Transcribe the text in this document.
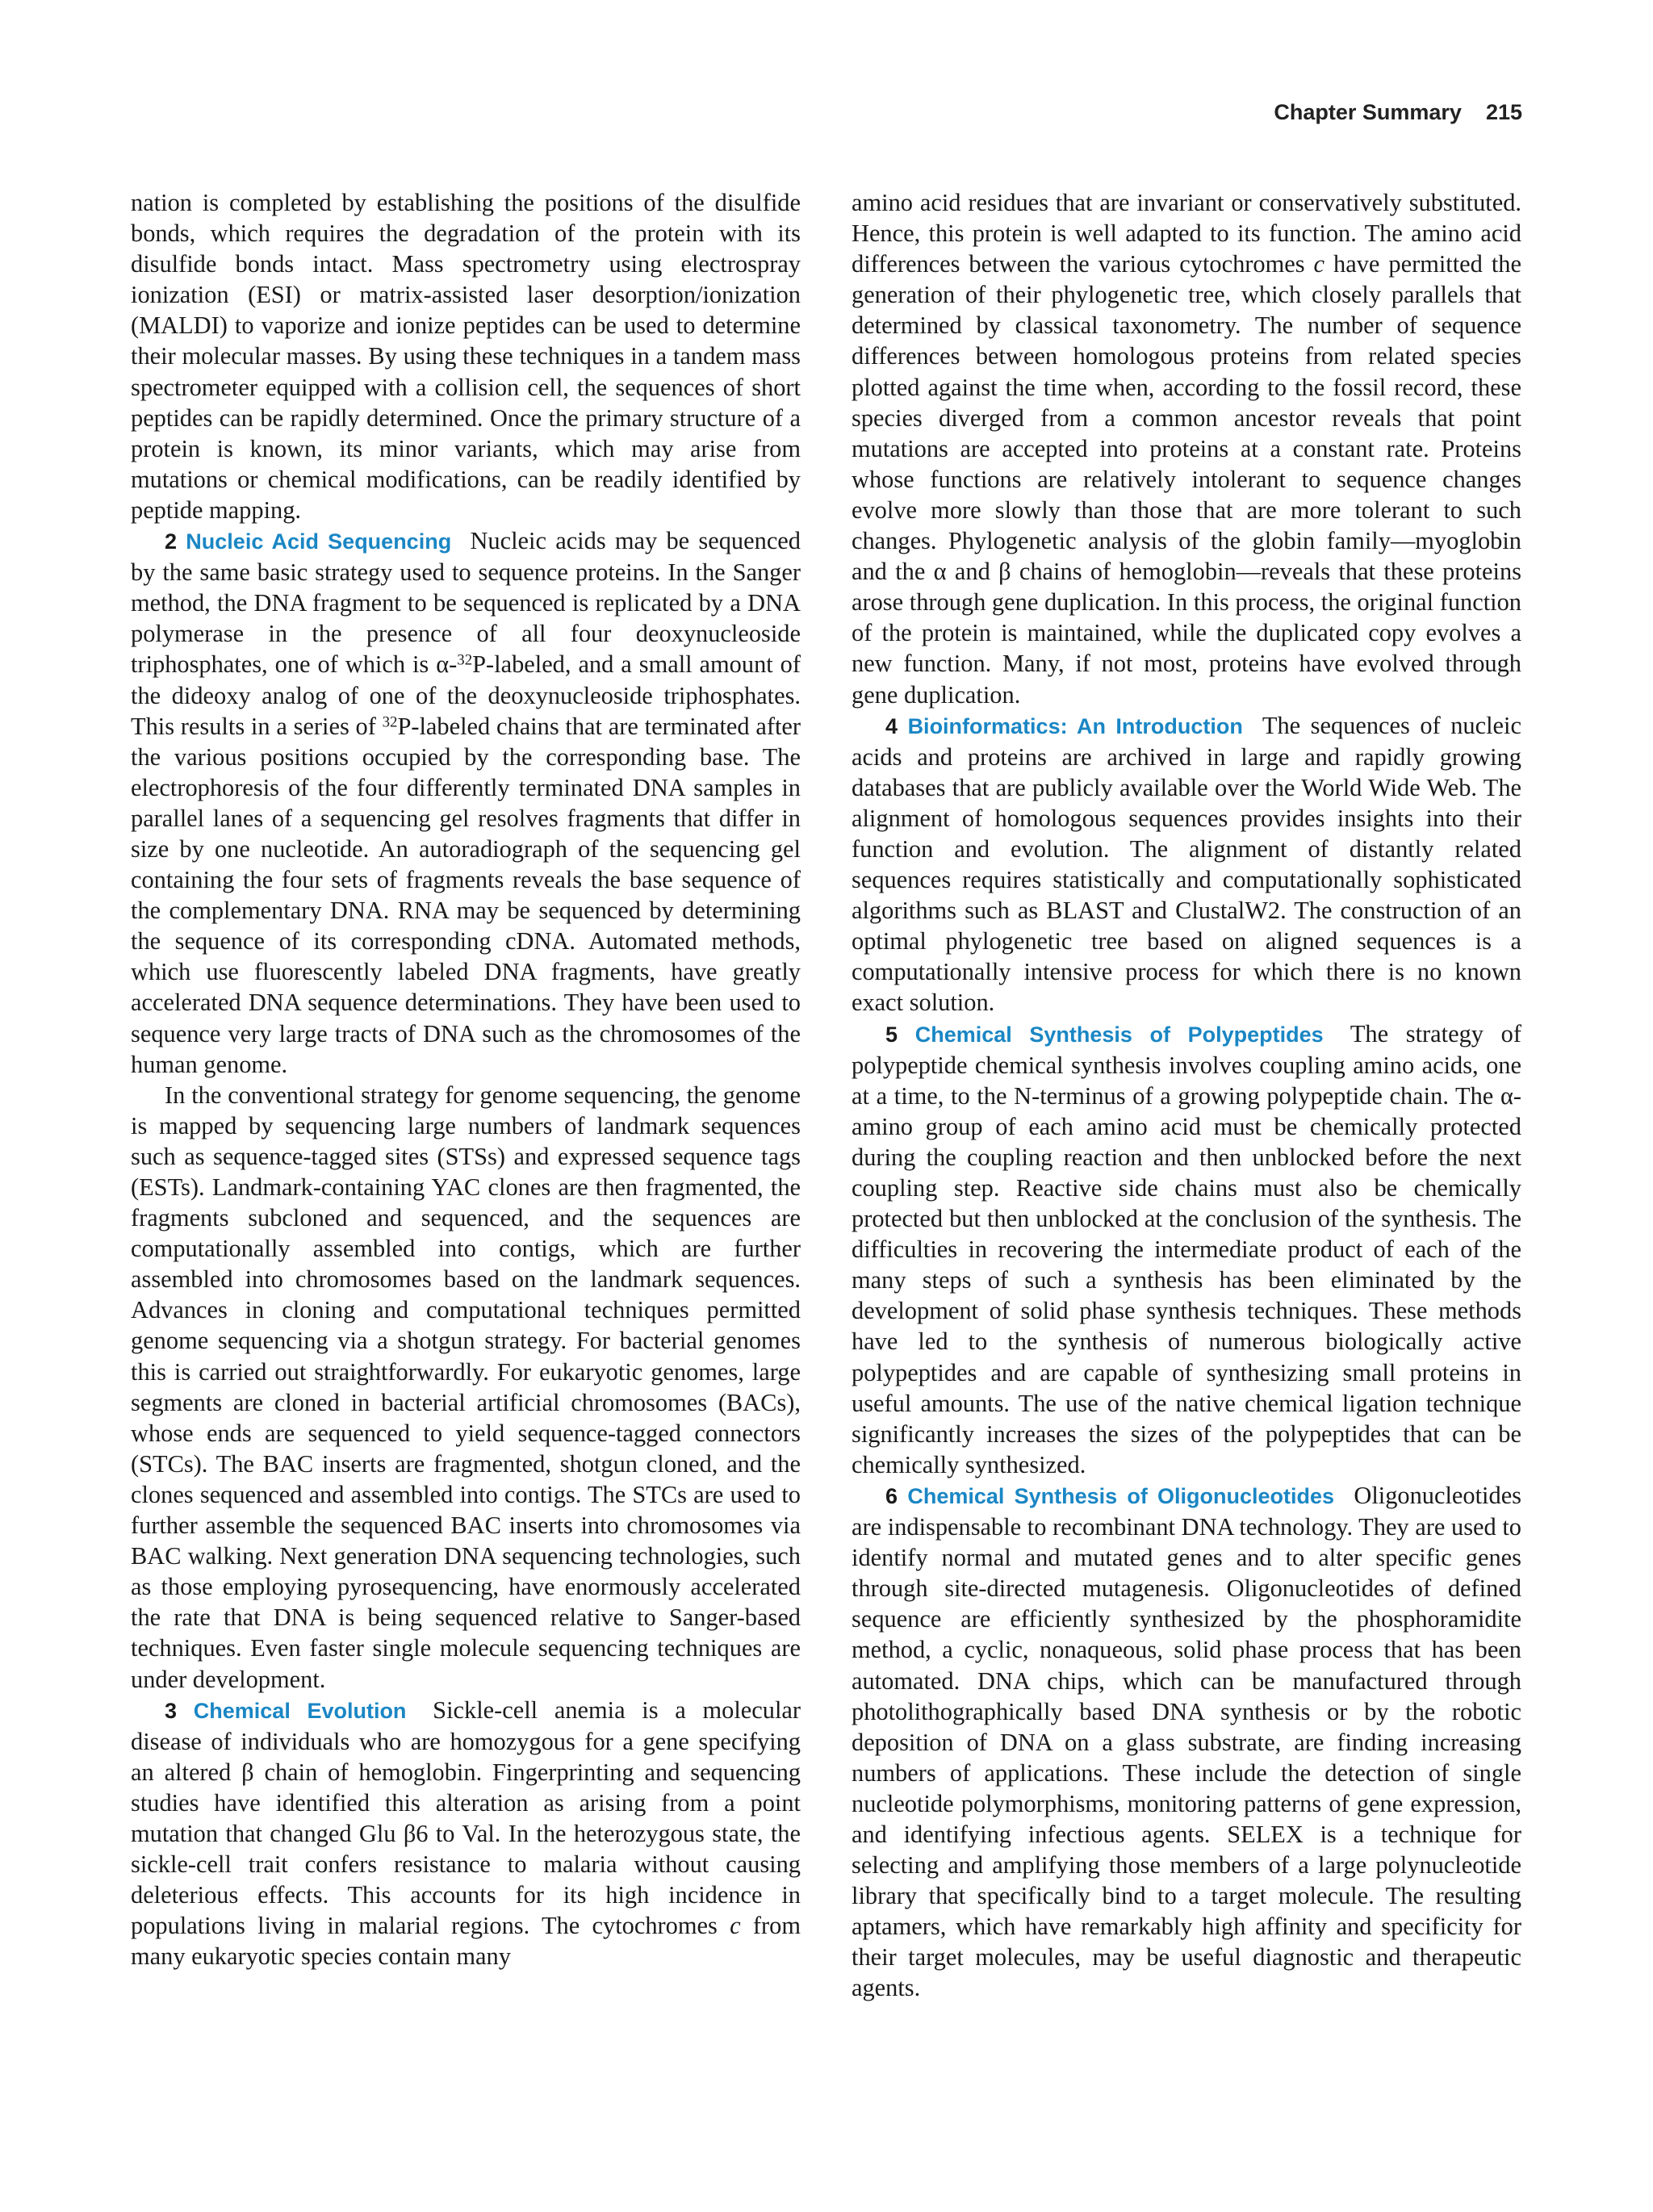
Chapter Summary 215

nation is completed by establishing the positions of the disulfide bonds, which requires the degradation of the protein with its disulfide bonds intact. Mass spectrometry using electrospray ionization (ESI) or matrix-assisted laser desorption/ionization (MALDI) to vaporize and ionize peptides can be used to determine their molecular masses. By using these techniques in a tandem mass spectrometer equipped with a collision cell, the sequences of short peptides can be rapidly determined. Once the primary structure of a protein is known, its minor variants, which may arise from mutations or chemical modifications, can be readily identified by peptide mapping.

2 Nucleic Acid Sequencing Nucleic acids may be sequenced by the same basic strategy used to sequence proteins. In the Sanger method, the DNA fragment to be sequenced is replicated by a DNA polymerase in the presence of all four deoxynucleoside triphosphates, one of which is α-$^{32}$P-labeled, and a small amount of the dideoxy analog of one of the deoxynucleoside triphosphates. This results in a series of $^{32}$P-labeled chains that are terminated after the various positions occupied by the corresponding base. The electrophoresis of the four differently terminated DNA samples in parallel lanes of a sequencing gel resolves fragments that differ in size by one nucleotide. An autoradiograph of the sequencing gel containing the four sets of fragments reveals the base sequence of the complementary DNA. RNA may be sequenced by determining the sequence of its corresponding cDNA. Automated methods, which use fluorescently labeled DNA fragments, have greatly accelerated DNA sequence determinations. They have been used to sequence very large tracts of DNA such as the chromosomes of the human genome.

In the conventional strategy for genome sequencing, the genome is mapped by sequencing large numbers of landmark sequences such as sequence-tagged sites (STSs) and expressed sequence tags (ESTs). Landmark-containing YAC clones are then fragmented, the fragments subcloned and sequenced, and the sequences are computationally assembled into contigs, which are further assembled into chromosomes based on the landmark sequences. Advances in cloning and computational techniques permitted genome sequencing via a shotgun strategy. For bacterial genomes this is carried out straightforwardly. For eukaryotic genomes, large segments are cloned in bacterial artificial chromosomes (BACs), whose ends are sequenced to yield sequence-tagged connectors (STCs). The BAC inserts are fragmented, shotgun cloned, and the clones sequenced and assembled into contigs. The STCs are used to further assemble the sequenced BAC inserts into chromosomes via BAC walking. Next generation DNA sequencing technologies, such as those employing pyrosequencing, have enormously accelerated the rate that DNA is being sequenced relative to Sanger-based techniques. Even faster single molecule sequencing techniques are under development.

3 Chemical Evolution Sickle-cell anemia is a molecular disease of individuals who are homozygous for a gene specifying an altered β chain of hemoglobin. Fingerprinting and sequencing studies have identified this alteration as arising from a point mutation that changed Glu β6 to Val. In the heterozygous state, the sickle-cell trait confers resistance to malaria without causing deleterious effects. This accounts for its high incidence in populations living in malarial regions. The cytochromes c from many eukaryotic species contain many

amino acid residues that are invariant or conservatively substituted. Hence, this protein is well adapted to its function. The amino acid differences between the various cytochromes c have permitted the generation of their phylogenetic tree, which closely parallels that determined by classical taxonometry. The number of sequence differences between homologous proteins from related species plotted against the time when, according to the fossil record, these species diverged from a common ancestor reveals that point mutations are accepted into proteins at a constant rate. Proteins whose functions are relatively intolerant to sequence changes evolve more slowly than those that are more tolerant to such changes. Phylogenetic analysis of the globin family—myoglobin and the α and β chains of hemoglobin—reveals that these proteins arose through gene duplication. In this process, the original function of the protein is maintained, while the duplicated copy evolves a new function. Many, if not most, proteins have evolved through gene duplication.

4 Bioinformatics: An Introduction The sequences of nucleic acids and proteins are archived in large and rapidly growing databases that are publicly available over the World Wide Web. The alignment of homologous sequences provides insights into their function and evolution. The alignment of distantly related sequences requires statistically and computationally sophisticated algorithms such as BLAST and ClustalW2. The construction of an optimal phylogenetic tree based on aligned sequences is a computationally intensive process for which there is no known exact solution.

5 Chemical Synthesis of Polypeptides The strategy of polypeptide chemical synthesis involves coupling amino acids, one at a time, to the N-terminus of a growing polypeptide chain. The α-amino group of each amino acid must be chemically protected during the coupling reaction and then unblocked before the next coupling step. Reactive side chains must also be chemically protected but then unblocked at the conclusion of the synthesis. The difficulties in recovering the intermediate product of each of the many steps of such a synthesis has been eliminated by the development of solid phase synthesis techniques. These methods have led to the synthesis of numerous biologically active polypeptides and are capable of synthesizing small proteins in useful amounts. The use of the native chemical ligation technique significantly increases the sizes of the polypeptides that can be chemically synthesized.

6 Chemical Synthesis of Oligonucleotides Oligonucleotides are indispensable to recombinant DNA technology. They are used to identify normal and mutated genes and to alter specific genes through site-directed mutagenesis. Oligonucleotides of defined sequence are efficiently synthesized by the phosphoramidite method, a cyclic, nonaqueous, solid phase process that has been automated. DNA chips, which can be manufactured through photolithographically based DNA synthesis or by the robotic deposition of DNA on a glass substrate, are finding increasing numbers of applications. These include the detection of single nucleotide polymorphisms, monitoring patterns of gene expression, and identifying infectious agents. SELEX is a technique for selecting and amplifying those members of a large polynucleotide library that specifically bind to a target molecule. The resulting aptamers, which have remarkably high affinity and specificity for their target molecules, may be useful diagnostic and therapeutic agents.
